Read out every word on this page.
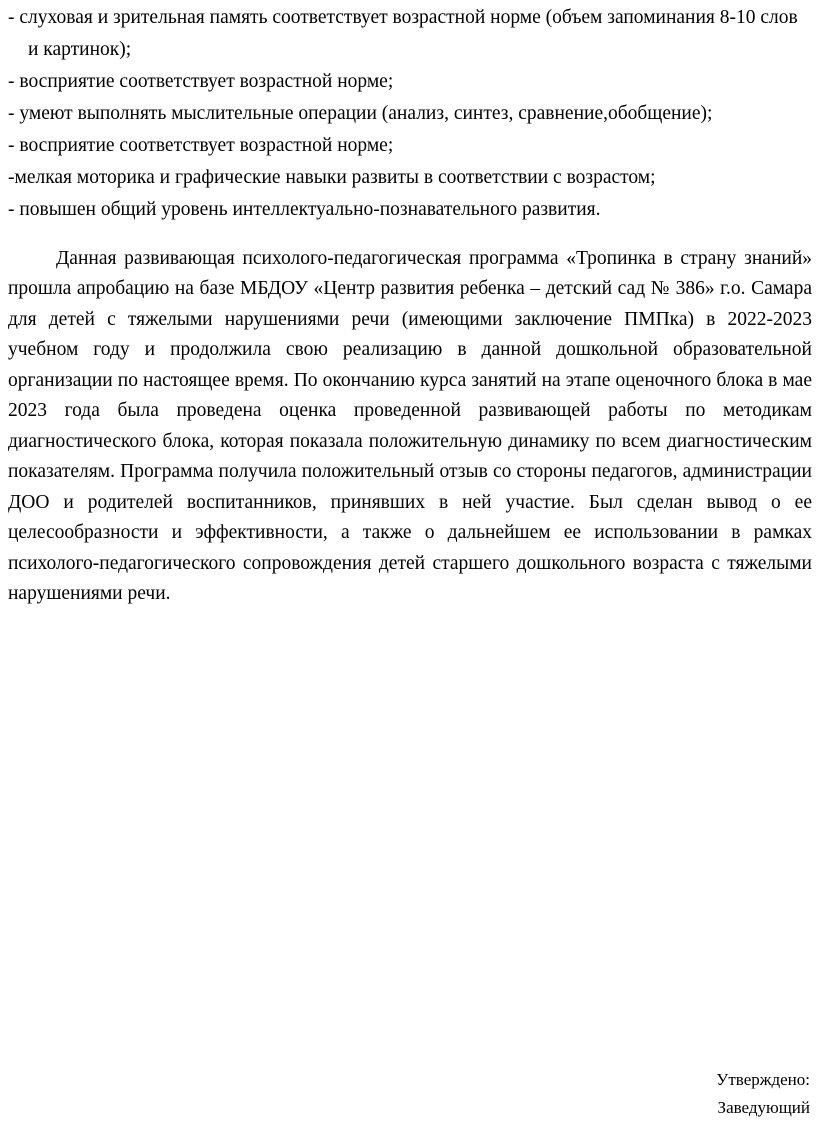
- слуховая и зрительная память соответствует возрастной норме (объем запоминания 8-10 слов и картинок);
- восприятие соответствует возрастной норме;
- умеют выполнять мыслительные операции (анализ, синтез, сравнение,обобщение);
- восприятие соответствует возрастной норме;
-мелкая моторика и графические навыки развиты в соответствии с возрастом;
- повышен общий уровень интеллектуально-познавательного развития.

Данная развивающая психолого-педагогическая программа «Тропинка в страну знаний» прошла апробацию на базе МБДОУ «Центр развития ребенка – детский сад № 386» г.о. Самара для детей с тяжелыми нарушениями речи (имеющими заключение ПМПка) в 2022-2023 учебном году и продолжила свою реализацию в данной дошкольной образовательной организации по настоящее время. По окончанию курса занятий на этапе оценочного блока в мае 2023 года была проведена оценка проведенной развивающей работы по методикам диагностического блока, которая показала положительную динамику по всем диагностическим показателям. Программа получила положительный отзыв со стороны педагогов, администрации ДОО и родителей воспитанников, принявших в ней участие. Был сделан вывод о ее целесообразности и эффективности, а также о дальнейшем ее использовании в рамках психолого-педагогического сопровождения детей старшего дошкольного возраста с тяжелыми нарушениями речи.

Утверждено:
Заведующий
